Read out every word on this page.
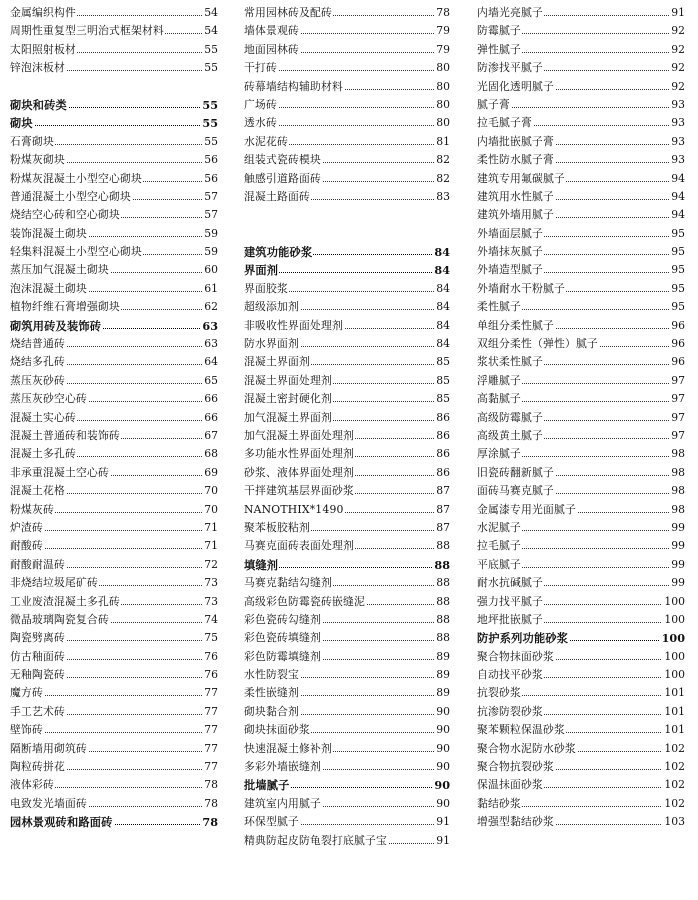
金属编织构件	54
周期性重复型三明治式框架材料	54
太阳照射板材	55
锌泡沫板材	55
砌块和砖类	55
砌块	55
石膏砌块	55
粉煤灰砌块	56
粉煤灰混凝土小型空心砌块	56
普通混凝土小型空心砌块	57
烧结空心砖和空心砌块	57
装饰混凝土砌块	59
轻集料混凝土小型空心砌块	59
蒸压加气混凝土砌块	60
泡沫混凝土砌块	61
植物纤维石膏增强砌块	62
砌筑用砖及装饰砖	63
烧结普通砖	63
烧结多孔砖	64
蒸压灰砂砖	65
蒸压灰砂空心砖	66
混凝土实心砖	66
混凝土普通砖和装饰砖	67
混凝土多孔砖	68
非承重混凝土空心砖	69
混凝土花格	70
粉煤灰砖	70
炉渣砖	71
耐酸砖	71
耐酸耐温砖	72
非烧结垃圾尾矿砖	73
工业废渣混凝土多孔砖	73
微晶玻璃陶瓷复合砖	74
陶瓷劈离砖	75
仿古釉面砖	76
无釉陶瓷砖	76
魔方砖	77
手工艺术砖	77
壁饰砖	77
隔断墙用砌筑砖	77
陶粒砖拼花	77
液体彩砖	78
电致发光墙面砖	78
园林景观砖和路面砖	78
常用园林砖及配砖	78
墙体景观砖	79
地面园林砖	79
干打砖	80
砖幕墙结构辅助材料	80
广场砖	80
透水砖	80
水泥花砖	81
组装式瓷砖模块	82
触感引道路面砖	82
混凝土路面砖	83
建筑功能砂浆	84
界面剂	84
界面胶浆	84
超级添加剂	84
非吸收性界面处理剂	84
防水界面剂	84
混凝土界面剂	85
混凝土界面处理剂	85
混凝土密封硬化剂	85
加气混凝土界面剂	86
加气混凝土界面处理剂	86
多功能水性界面处理剂	86
砂浆、液体界面处理剂	86
干拌建筑基层界面砂浆	87
NANOTHIX*1490	87
聚苯板胶粘剂	87
马赛克面砖表面处理剂	88
填缝剂	88
马赛克黏结勾缝剂	88
高级彩色防霉瓷砖嵌缝泥	88
彩色瓷砖勾缝剂	88
彩色瓷砖填缝剂	88
彩色防霉填缝剂	89
水性防裂宝	89
柔性嵌缝剂	89
砌块黏合剂	90
砌块抹面砂浆	90
快速混凝土修补剂	90
多彩外墙嵌缝剂	90
批墙腻子	90
建筑室内用腻子	90
环保型腻子	91
精典防起皮防龟裂打底腻子宝	91
内墙光亮腻子	91
防霉腻子	92
弹性腻子	92
防渗找平腻子	92
光固化透明腻子	92
腻子膏	93
拉毛腻子膏	93
内墙批嵌腻子膏	93
柔性防水腻子膏	93
建筑专用氟碳腻子	94
建筑用水性腻子	94
建筑外墙用腻子	94
外墙面层腻子	95
外墙抹灰腻子	95
外墙造型腻子	95
外墙耐水干粉腻子	95
柔性腻子	95
单组分柔性腻子	96
双组分柔性（弹性）腻子	96
浆状柔性腻子	96
浮雕腻子	97
高黏腻子	97
高级防霉腻子	97
高级黄土腻子	97
厚涂腻子	98
旧瓷砖翻新腻子	98
面砖马赛克腻子	98
金属漆专用光面腻子	98
水泥腻子	99
拉毛腻子	99
平底腻子	99
耐水抗碱腻子	99
强力找平腻子	100
地坪批嵌腻子	100
防护系列功能砂浆	100
聚合物抹面砂浆	100
自动找平砂浆	100
抗裂砂浆	101
抗渗防裂砂浆	101
聚苯颗粒保温砂浆	101
聚合物水泥防水砂浆	102
聚合物抗裂砂浆	102
保温抹面砂浆	102
黏结砂浆	102
增强型黏结砂浆	103
